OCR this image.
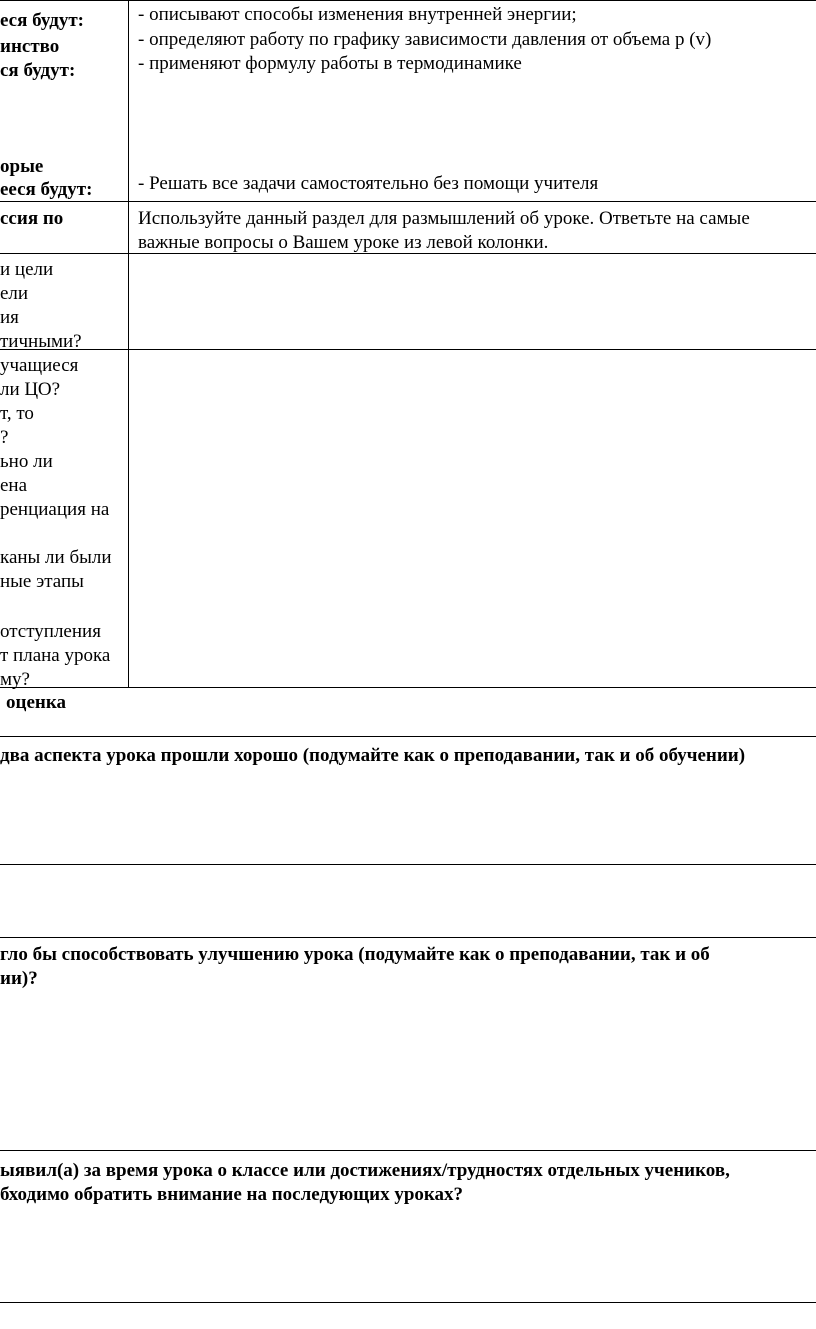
еся будут:
инство
ся будут:
- описывают способы изменения внутренней энергии;
- определяют работу по графику зависимости давления от объема р (v)
- применяют формулу работы в термодинамике
орые
ееся будут: - Решать все задачи самостоятельно без помощи учителя
ссия по	Используйте данный раздел для размышлений об уроке. Ответьте на самые
важные вопросы о Вашем уроке из левой колонки.
и цели
ели
ия
тичными?
учащиеся
ли ЦО?
т, то
?
ьно ли
ена
ренциация на
каны ли были
ные этапы
отступления
т плана урока
му?
оценка
два аспекта урока прошли хорошо (подумайте как о преподавании, так и об обучении)
гло бы способствовать улучшению урока (подумайте как о преподавании, так и об
ии)?
ыявил(а) за время урока о классе или достижениях/трудностях отдельных учеников,
бходимо обратить внимание на последующих уроках?
